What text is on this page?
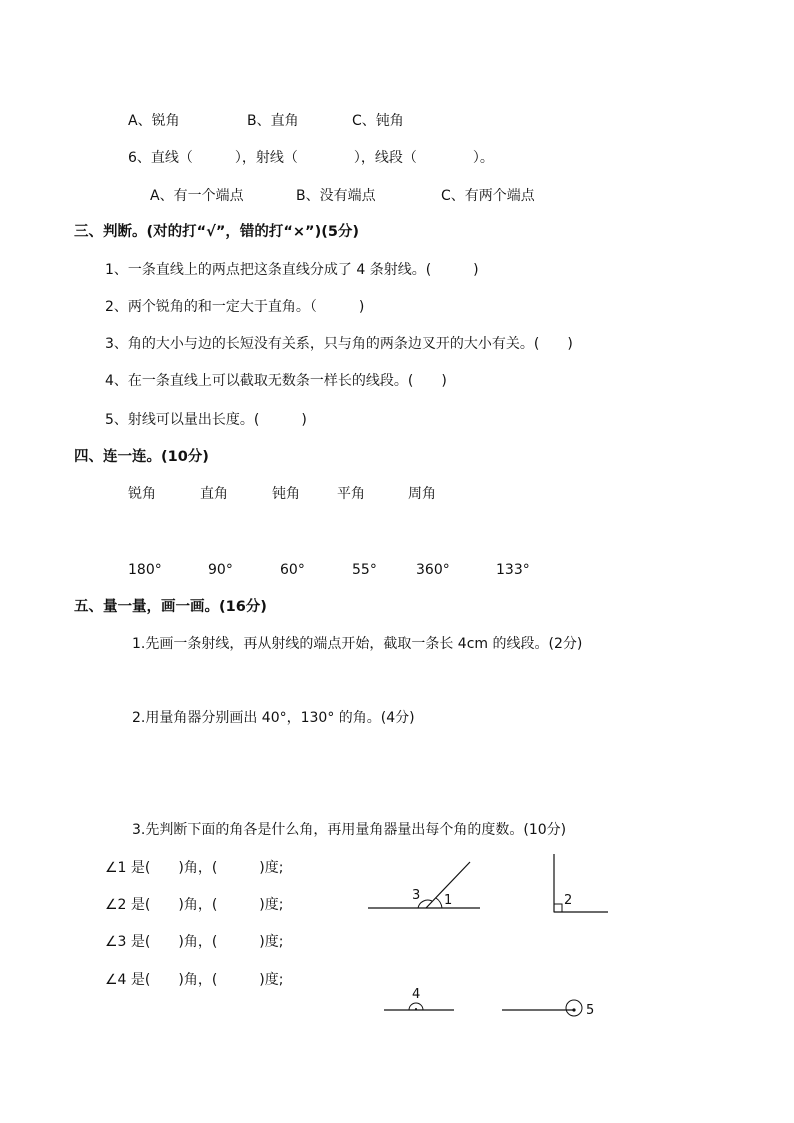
A、锐角	B、直角	C、钝角
6、直线（　　　），射线（　　　　），线段（　　　　）。
A、有一个端点	B、没有端点	C、有两个端点
三、判断。(对的打“√”，错的打“×”)(5分)
1、一条直线上的两点把这条直线分成了 4 条射线。(　　　)
2、两个锐角的和一定大于直角。（　　　)
3、角的大小与边的长短没有关系，只与角的两条边叉开的大小有关。(　　)
4、在一条直线上可以截取无数条一样长的线段。(　　)
5、射线可以量出长度。(　　　)
四、连一连。(10分)
锐角	直角	钝角	平角	周角
180°	90°	60°	55°	360°	133°
五、量一量，画一画。(16分)
1.先画一条射线，再从射线的端点开始，截取一条长 4cm 的线段。(2分)
2.用量角器分别画出 40°，130° 的角。(4分)
3.先判断下面的角各是什么角，再用量角器量出每个角的度数。(10分)
∠1 是(　　)角，(　　　)度;
∠2 是(　　)角，(　　　)度;
∠3 是(　　)角，(　　　)度;
∠4 是(　　)角，(　　　)度;
3 1	2
4
5
